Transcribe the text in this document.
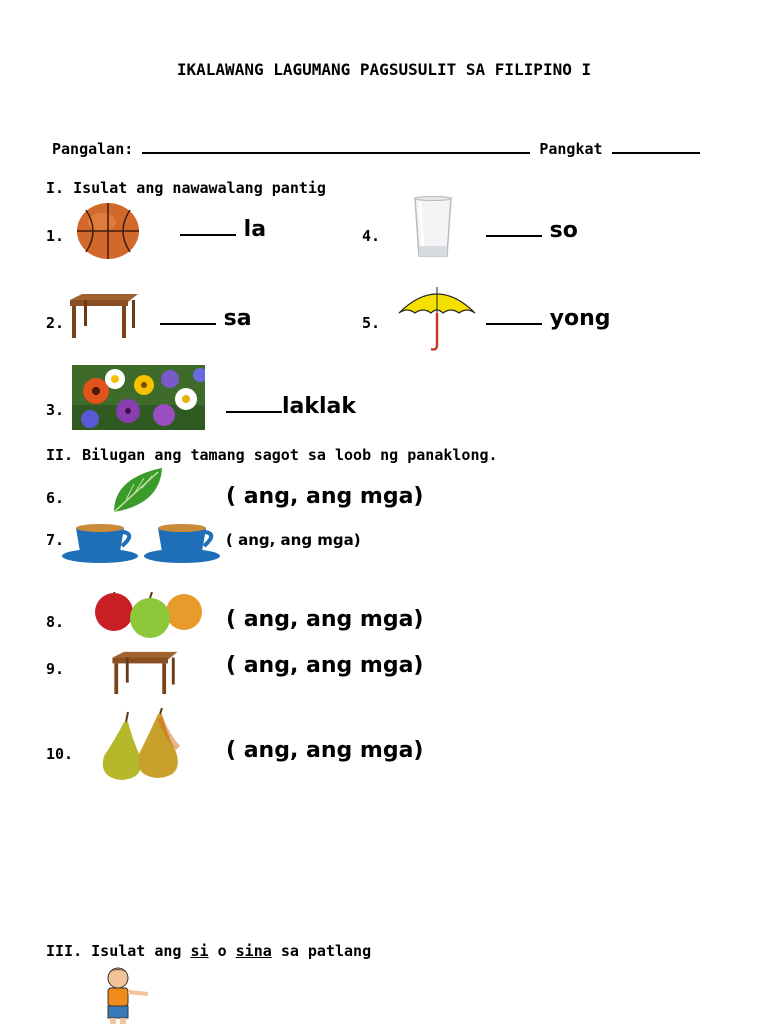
IKALAWANG LAGUMANG PAGSUSULIT SA FILIPINO I
Pangalan:	Pangkat
I. Isulat ang nawawalang pantig
1.	la	4.	so
2.	sa	5.	yong
3.	laklak
II. Bilugan ang tamang sagot sa loob ng panaklong.
6.	( ang, ang mga)
7.	( ang, ang mga)
8.	( ang, ang mga)
9.	( ang, ang mga)
10.	( ang, ang mga)
III. Isulat ang si o sina sa patlang
